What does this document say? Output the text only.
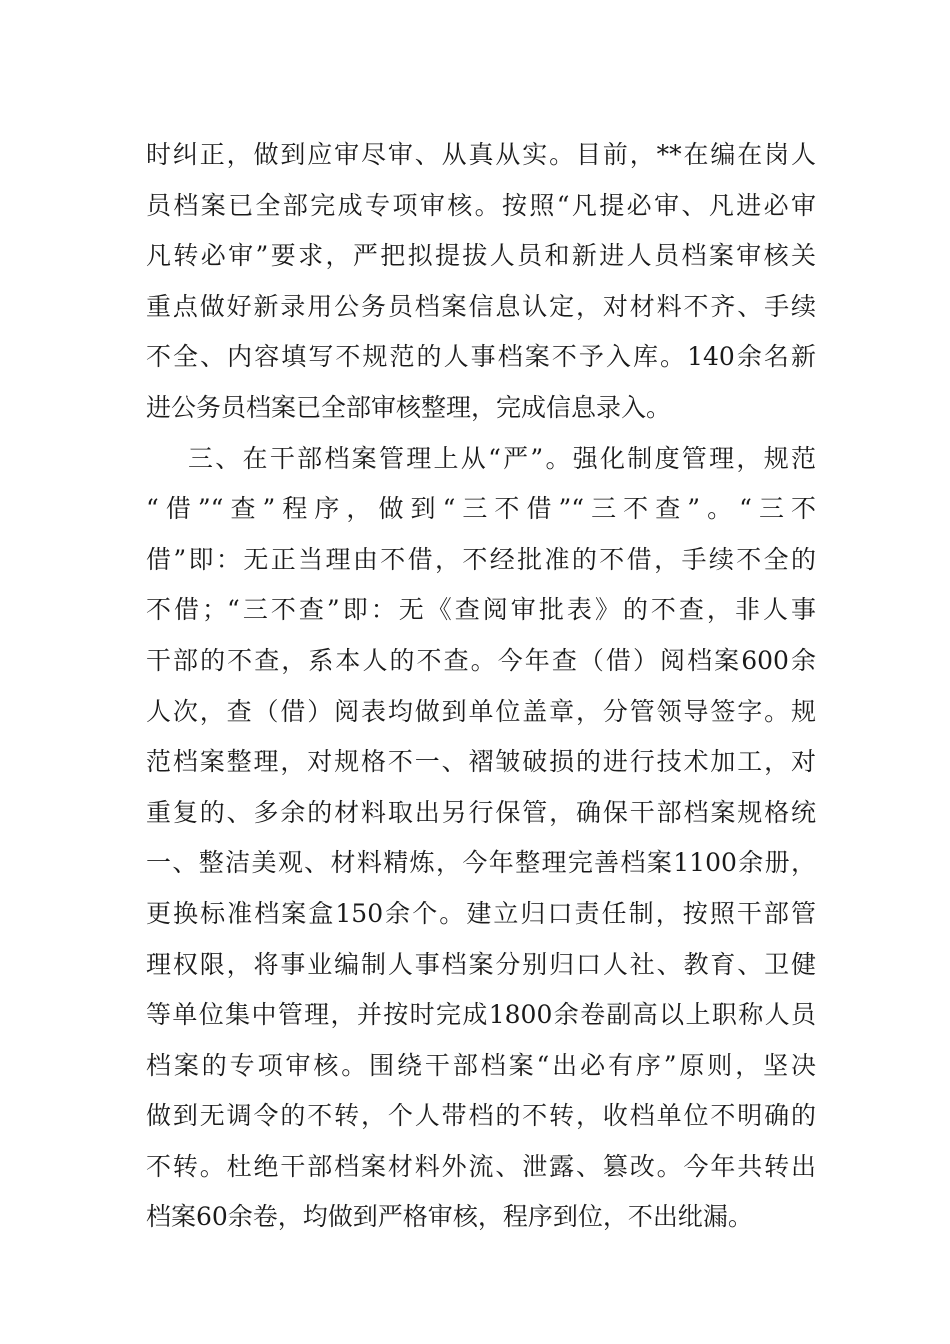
时纠正，做到应审尽审、从真从实。目前，**在编在岗人
员档案已全部完成专项审核。按照“凡提必审、凡进必审
凡转必审”要求，严把拟提拔人员和新进人员档案审核关
重点做好新录用公务员档案信息认定，对材料不齐、手续
不全、内容填写不规范的人事档案不予入库。140余名新
进公务员档案已全部审核整理，完成信息录入。
三、在干部档案管理上从“严”。强化制度管理，规范
“借”“查”程序，做到“三不借”“三不查”。“三不
借”即：无正当理由不借，不经批准的不借，手续不全的
不借；“三不查”即：无《查阅审批表》的不查，非人事
干部的不查，系本人的不查。今年查（借）阅档案600余
人次，查（借）阅表均做到单位盖章，分管领导签字。规
范档案整理，对规格不一、褶皱破损的进行技术加工，对
重复的、多余的材料取出另行保管，确保干部档案规格统
一、整洁美观、材料精炼，今年整理完善档案1100余册，
更换标准档案盒150余个。建立归口责任制，按照干部管
理权限，将事业编制人事档案分别归口人社、教育、卫健
等单位集中管理，并按时完成1800余卷副高以上职称人员
档案的专项审核。围绕干部档案“出必有序”原则，坚决
做到无调令的不转，个人带档的不转，收档单位不明确的
不转。杜绝干部档案材料外流、泄露、篡改。今年共转出
档案60余卷，均做到严格审核，程序到位，不出纰漏。
